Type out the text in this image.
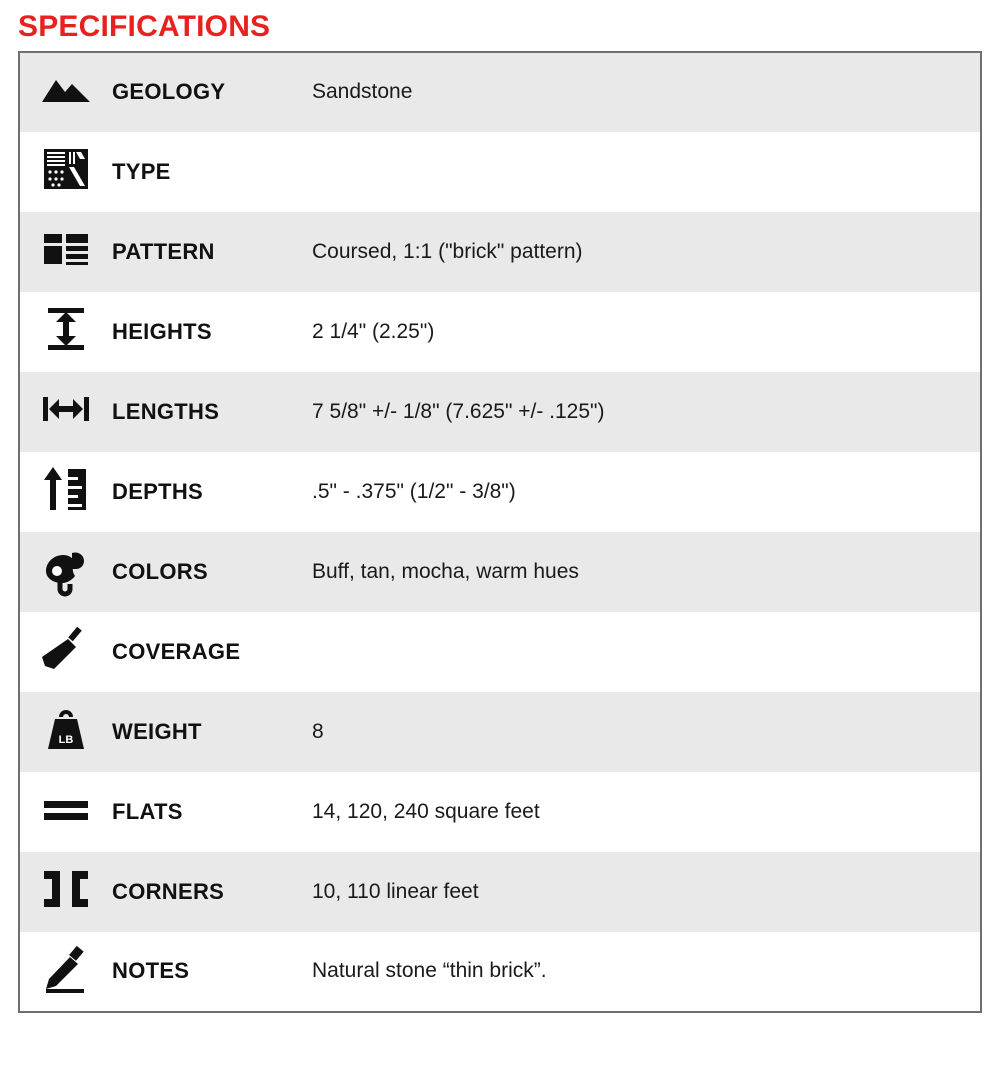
SPECIFICATIONS
	GEOLOGY	Sandstone

	TYPE	

	PATTERN	Coursed, 1:1 ("brick" pattern)

	HEIGHTS	2 1/4" (2.25")

	LENGTHS	7 5/8" +/- 1/8" (7.625" +/- .125")

	DEPTHS	.5" - .375" (1/2" - 3/8")

	COLORS	Buff, tan, mocha, warm hues

	COVERAGE	

LB	WEIGHT	8

	FLATS	14, 120, 240 square feet

	CORNERS	10, 110 linear feet

	NOTES	Natural stone “thin brick”.
